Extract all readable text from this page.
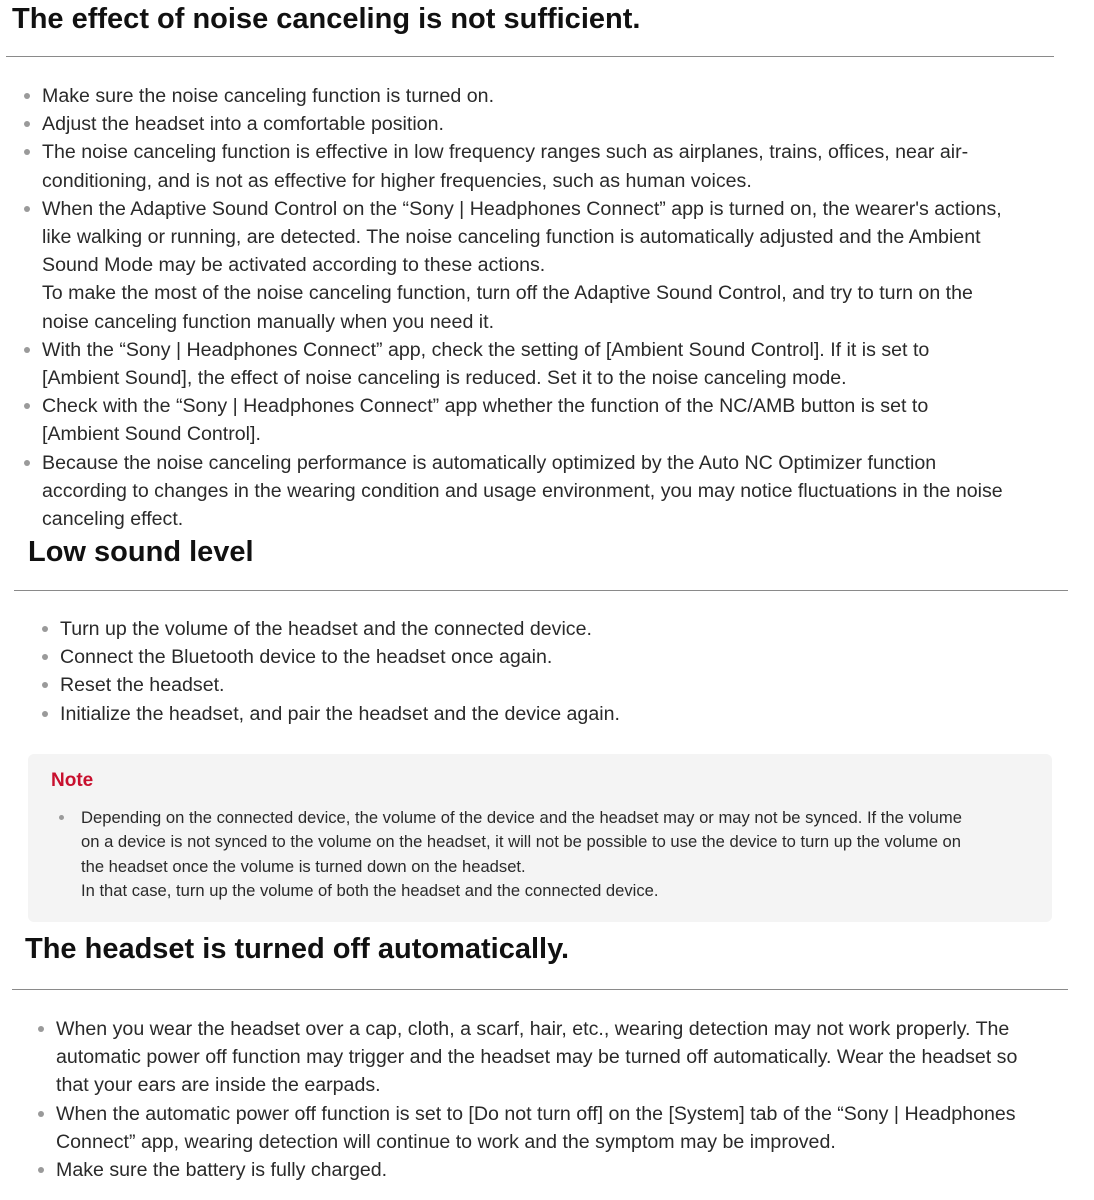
The effect of noise canceling is not sufficient.
Make sure the noise canceling function is turned on.
Adjust the headset into a comfortable position.
The noise canceling function is effective in low frequency ranges such as airplanes, trains, offices, near air-
conditioning, and is not as effective for higher frequencies, such as human voices.
When the Adaptive Sound Control on the “Sony | Headphones Connect” app is turned on, the wearer's actions,
like walking or running, are detected. The noise canceling function is automatically adjusted and the Ambient
Sound Mode may be activated according to these actions.
To make the most of the noise canceling function, turn off the Adaptive Sound Control, and try to turn on the
noise canceling function manually when you need it.
With the “Sony | Headphones Connect” app, check the setting of [Ambient Sound Control]. If it is set to
[Ambient Sound], the effect of noise canceling is reduced. Set it to the noise canceling mode.
Check with the “Sony | Headphones Connect” app whether the function of the NC/AMB button is set to
[Ambient Sound Control].
Because the noise canceling performance is automatically optimized by the Auto NC Optimizer function
according to changes in the wearing condition and usage environment, you may notice fluctuations in the noise
canceling effect.
Low sound level
Turn up the volume of the headset and the connected device.
Connect the Bluetooth device to the headset once again.
Reset the headset.
Initialize the headset, and pair the headset and the device again.
Note
Depending on the connected device, the volume of the device and the headset may or may not be synced. If the volume
on a device is not synced to the volume on the headset, it will not be possible to use the device to turn up the volume on
the headset once the volume is turned down on the headset.
In that case, turn up the volume of both the headset and the connected device.
The headset is turned off automatically.
When you wear the headset over a cap, cloth, a scarf, hair, etc., wearing detection may not work properly. The
automatic power off function may trigger and the headset may be turned off automatically. Wear the headset so
that your ears are inside the earpads.
When the automatic power off function is set to [Do not turn off] on the [System] tab of the “Sony | Headphones
Connect” app, wearing detection will continue to work and the symptom may be improved.
Make sure the battery is fully charged.
